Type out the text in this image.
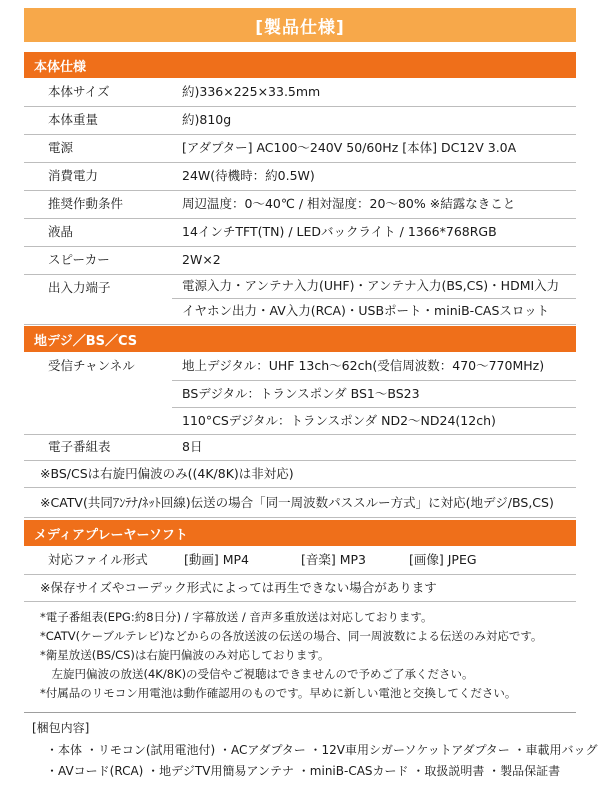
[製品仕様]
本体仕様
本体サイズ	約)336×225×33.5mm
本体重量	約)810g
電源	[アダプター] AC100～240V 50/60Hz [本体] DC12V 3.0A
消費電力	24W(待機時：約0.5W)
推奨作動条件	周辺温度：0～40℃ / 相対湿度：20～80% ※結露なきこと
液晶	14インチTFT(TN) / LEDバックライト / 1366*768RGB
スピーカー	2W×2
出入力端子	電源入力・アンテナ入力(UHF)・アンテナ入力(BS,CS)・HDMI入力
イヤホン出力・AV入力(RCA)・USBポート・miniB-CASスロット
地デジ／BS／CS
受信チャンネル	地上デジタル：UHF 13ch～62ch(受信周波数：470～770MHz)
BSデジタル：トランスポンダ BS1～BS23
110°CSデジタル：トランスポンダ ND2～ND24(12ch)
電子番組表	8日
※BS/CSは右旋円偏波のみ((4K/8K)は非対応)
※CATV(共同ｱﾝﾃﾅ/ﾈｯﾄ回線)伝送の場合「同一周波数パススルー方式」に対応(地デジ/BS,CS)
メディアプレーヤーソフト
対応ファイル形式	[動画] MP4	[音楽] MP3	[画像] JPEG
※保存サイズやコーデック形式によっては再生できない場合があります
*電子番組表(EPG:約8日分) / 字幕放送 / 音声多重放送は対応しております。
*CATV(ケーブルテレビ)などからの各放送波の伝送の場合、同一周波数による伝送のみ対応です。
*衛星放送(BS/CS)は右旋円偏波のみ対応しております。
　左旋円偏波の放送(4K/8K)の受信やご視聴はできませんので予めご了承ください。
*付属品のリモコン用電池は動作確認用のものです。早めに新しい電池と交換してください。
[梱包内容]
・本体 ・リモコン(試用電池付) ・ACアダプター ・12V車用シガーソケットアダプター ・車載用バッグ
・AVコード(RCA) ・地デジTV用簡易アンテナ ・miniB-CASカード ・取扱説明書 ・製品保証書
